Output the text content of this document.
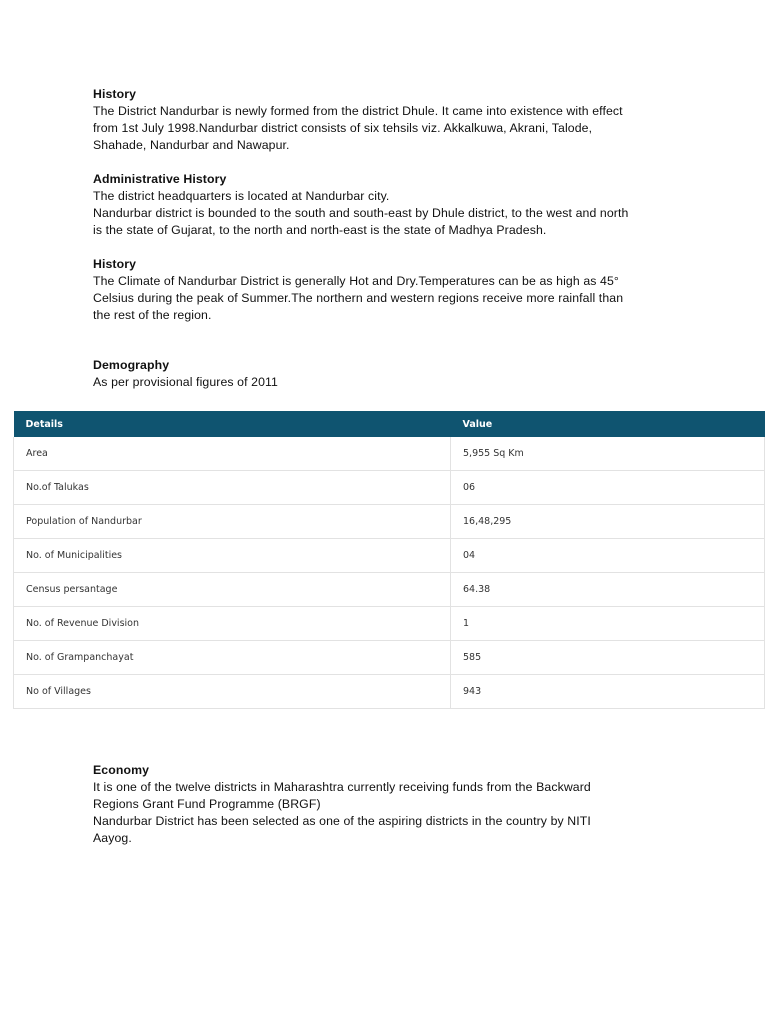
History

The District Nandurbar is newly formed from the district Dhule. It came into existence with effect

from 1st July 1998.Nandurbar district consists of six tehsils viz. Akkalkuwa, Akrani, Talode,

Shahade, Nandurbar and Nawapur.

Administrative History

The district headquarters is located at Nandurbar city.

Nandurbar district is bounded to the south and south-east by Dhule district, to the west and north

is the state of Gujarat, to the north and north-east is the state of Madhya Pradesh.

History

The Climate of Nandurbar District is generally Hot and Dry.Temperatures can be as high as 45°

Celsius during the peak of Summer.The northern and western regions receive more rainfall than

the rest of the region.

Demography

As per provisional figures of 2011

Details	Value
Area	5,955 Sq Km
No.of Talukas	06
Population of Nandurbar	16,48,295
No. of Municipalities	04
Census persantage	64.38
No. of Revenue Division	1
No. of Grampanchayat	585
No of Villages	943
Economy

It is one of the twelve districts in Maharashtra currently receiving funds from the Backward

Regions Grant Fund Programme (BRGF)

Nandurbar District has been selected as one of the aspiring districts in the country by NITI

Aayog.
